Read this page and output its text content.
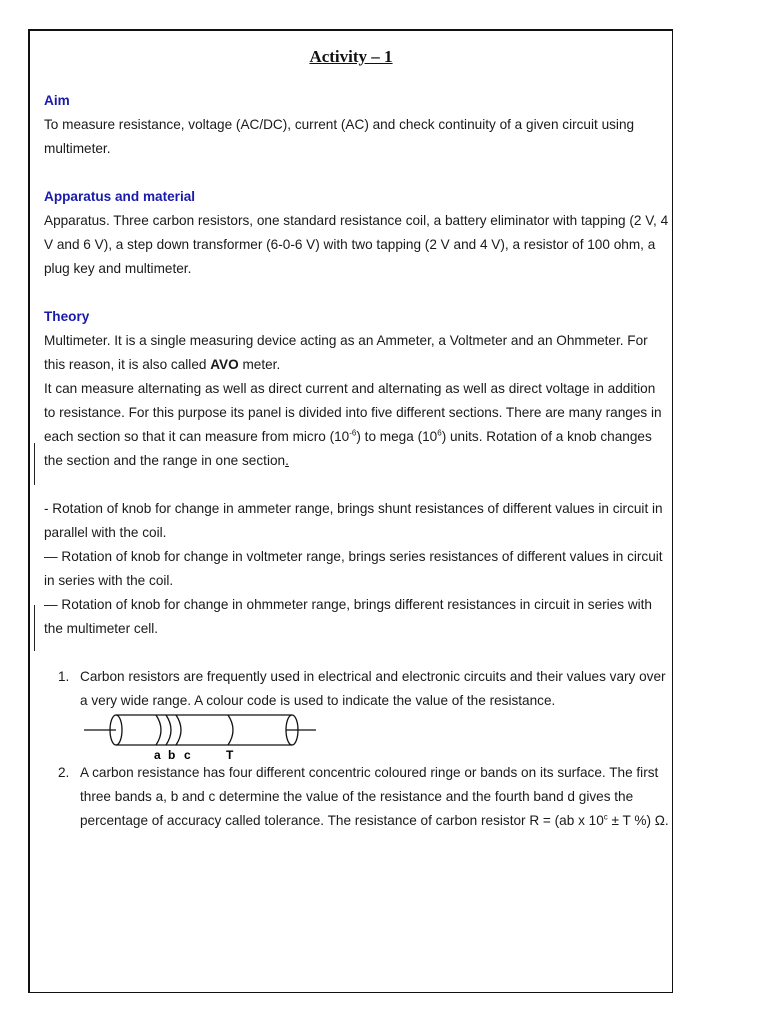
Activity – 1
Aim

To measure resistance, voltage (AC/DC), current (AC) and check continuity of a given circuit using multimeter.

Apparatus and material

Apparatus. Three carbon resistors, one standard resistance coil, a battery eliminator with tapping (2 V, 4 V and 6 V), a step down transformer (6-0-6 V) with two tapping (2 V and 4 V), a resistor of 100 ohm, a plug key and multimeter.

Theory

Multimeter. It is a single measuring device acting as an Ammeter, a Voltmeter and an Ohmmeter. For this reason, it is also called AVO meter.

It can measure alternating as well as direct current and alternating as well as direct voltage in addition to resistance. For this purpose its panel is divided into five different sections. There are many ranges in each section so that it can measure from micro $(10^{-6})$ to mega $(10^6)$ units. Rotation of a knob changes the section and the range in one section.

- Rotation of knob for change in ammeter range, brings shunt resistances of different values in circuit in parallel with the coil.

— Rotation of knob for change in voltmeter range, brings series resistances of different values in circuit in series with the coil.

— Rotation of knob for change in ohmmeter range, brings different resistances in circuit in series with the multimeter cell.

1. Carbon resistors are frequently used in electrical and electronic circuits and their values vary over a very wide range. A colour code is used to indicate the value of the resistance.
a b c	T
2. A carbon resistance has four different concentric coloured ringe or bands on its surface. The first three bands a, b and c determine the value of the resistance and the fourth band d gives the percentage of accuracy called tolerance. The resistance of carbon resistor R = (ab x $10^c \pm T$ %) Ω.
